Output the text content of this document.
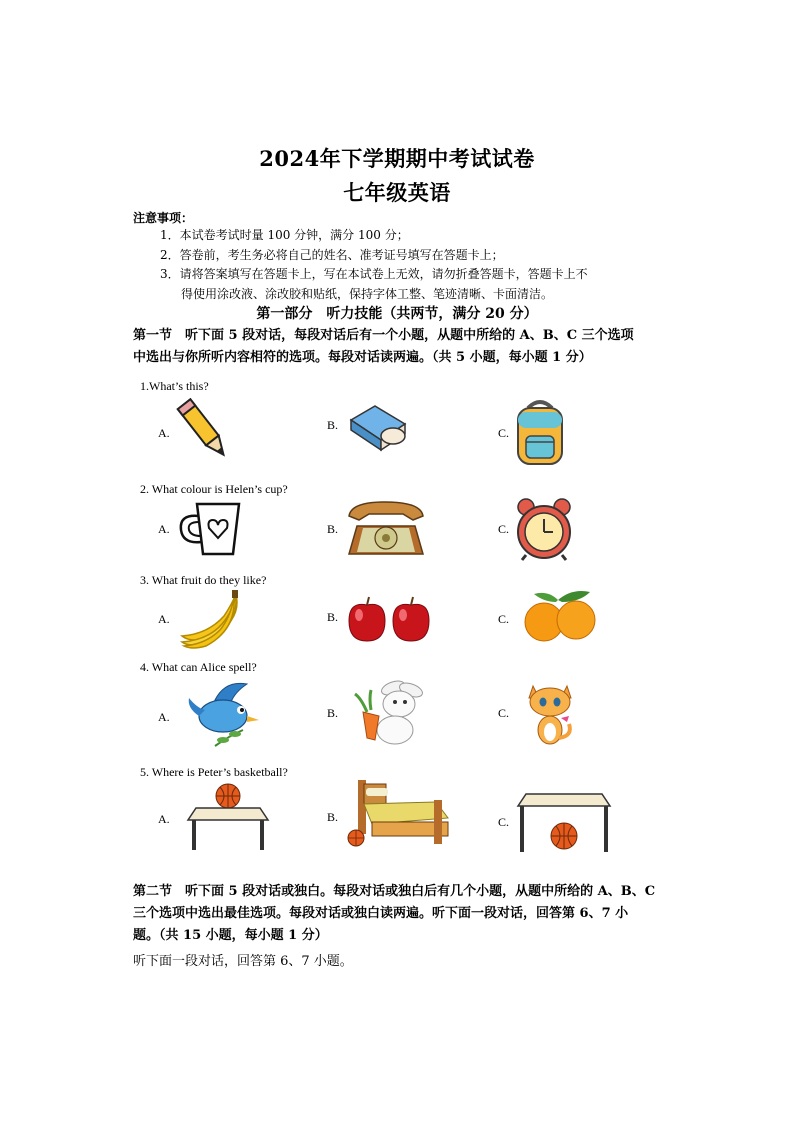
2024年下学期期中考试试卷
七年级英语
注意事项：
1．本试卷考试时量 100 分钟，满分 100 分；
2．答卷前，考生务必将自己的姓名、准考证号填写在答题卡上；
3．请将答案填写在答题卡上，写在本试卷上无效，请勿折叠答题卡，答题卡上不
得使用涂改液、涂改胶和贴纸，保持字体工整、笔迹清晰、卡面清洁。
第一部分　听力技能（共两节，满分 20 分）
第一节　听下面 5 段对话，每段对话后有一个小题，从题中所给的 A、B、C 三个选项
中选出与你所听内容相符的选项。每段对话读两遍。（共 5 小题，每小题 1 分）
1.What’s this?
A.
B.
C.
2. What colour is Helen’s cup?
A.	B.	C.
3. What fruit do they like?
A.	B.	C.
4. What can Alice spell?
A.	B.	C.
5. Where is Peter’s basketball?
A.	B.	C.
第二节　听下面 5 段对话或独白。每段对话或独白后有几个小题，从题中所给的 A、B、C
三个选项中选出最佳选项。每段对话或独白读两遍。听下面一段对话，回答第 6、7 小
题。（共 15 小题，每小题 1 分）
听下面一段对话，回答第 6、7 小题。
